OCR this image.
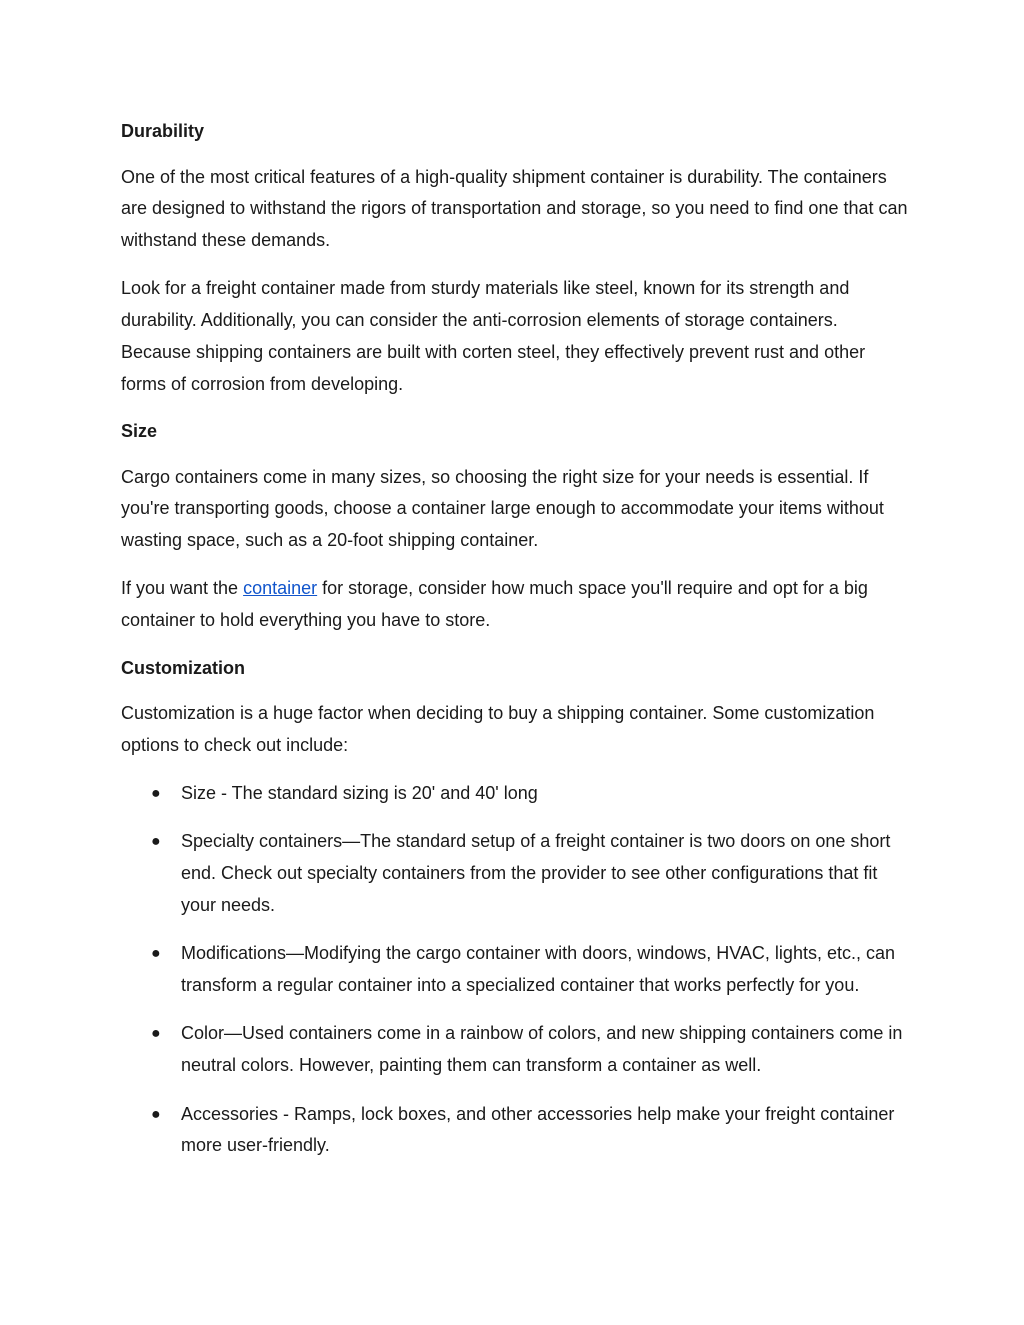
Durability

One of the most critical features of a high-quality shipment container is durability. The containers are designed to withstand the rigors of transportation and storage, so you need to find one that can withstand these demands.

Look for a freight container made from sturdy materials like steel, known for its strength and durability. Additionally, you can consider the anti-corrosion elements of storage containers. Because shipping containers are built with corten steel, they effectively prevent rust and other forms of corrosion from developing.

Size

Cargo containers come in many sizes, so choosing the right size for your needs is essential. If you're transporting goods, choose a container large enough to accommodate your items without wasting space, such as a 20-foot shipping container.

If you want the container for storage, consider how much space you'll require and opt for a big container to hold everything you have to store.

Customization

Customization is a huge factor when deciding to buy a shipping container. Some customization options to check out include:

● Size - The standard sizing is 20' and 40' long
● Specialty containers—The standard setup of a freight container is two doors on one short end. Check out specialty containers from the provider to see other configurations that fit your needs.
● Modifications—Modifying the cargo container with doors, windows, HVAC, lights, etc., can transform a regular container into a specialized container that works perfectly for you.
● Color—Used containers come in a rainbow of colors, and new shipping containers come in neutral colors. However, painting them can transform a container as well.
● Accessories - Ramps, lock boxes, and other accessories help make your freight container more user-friendly.
